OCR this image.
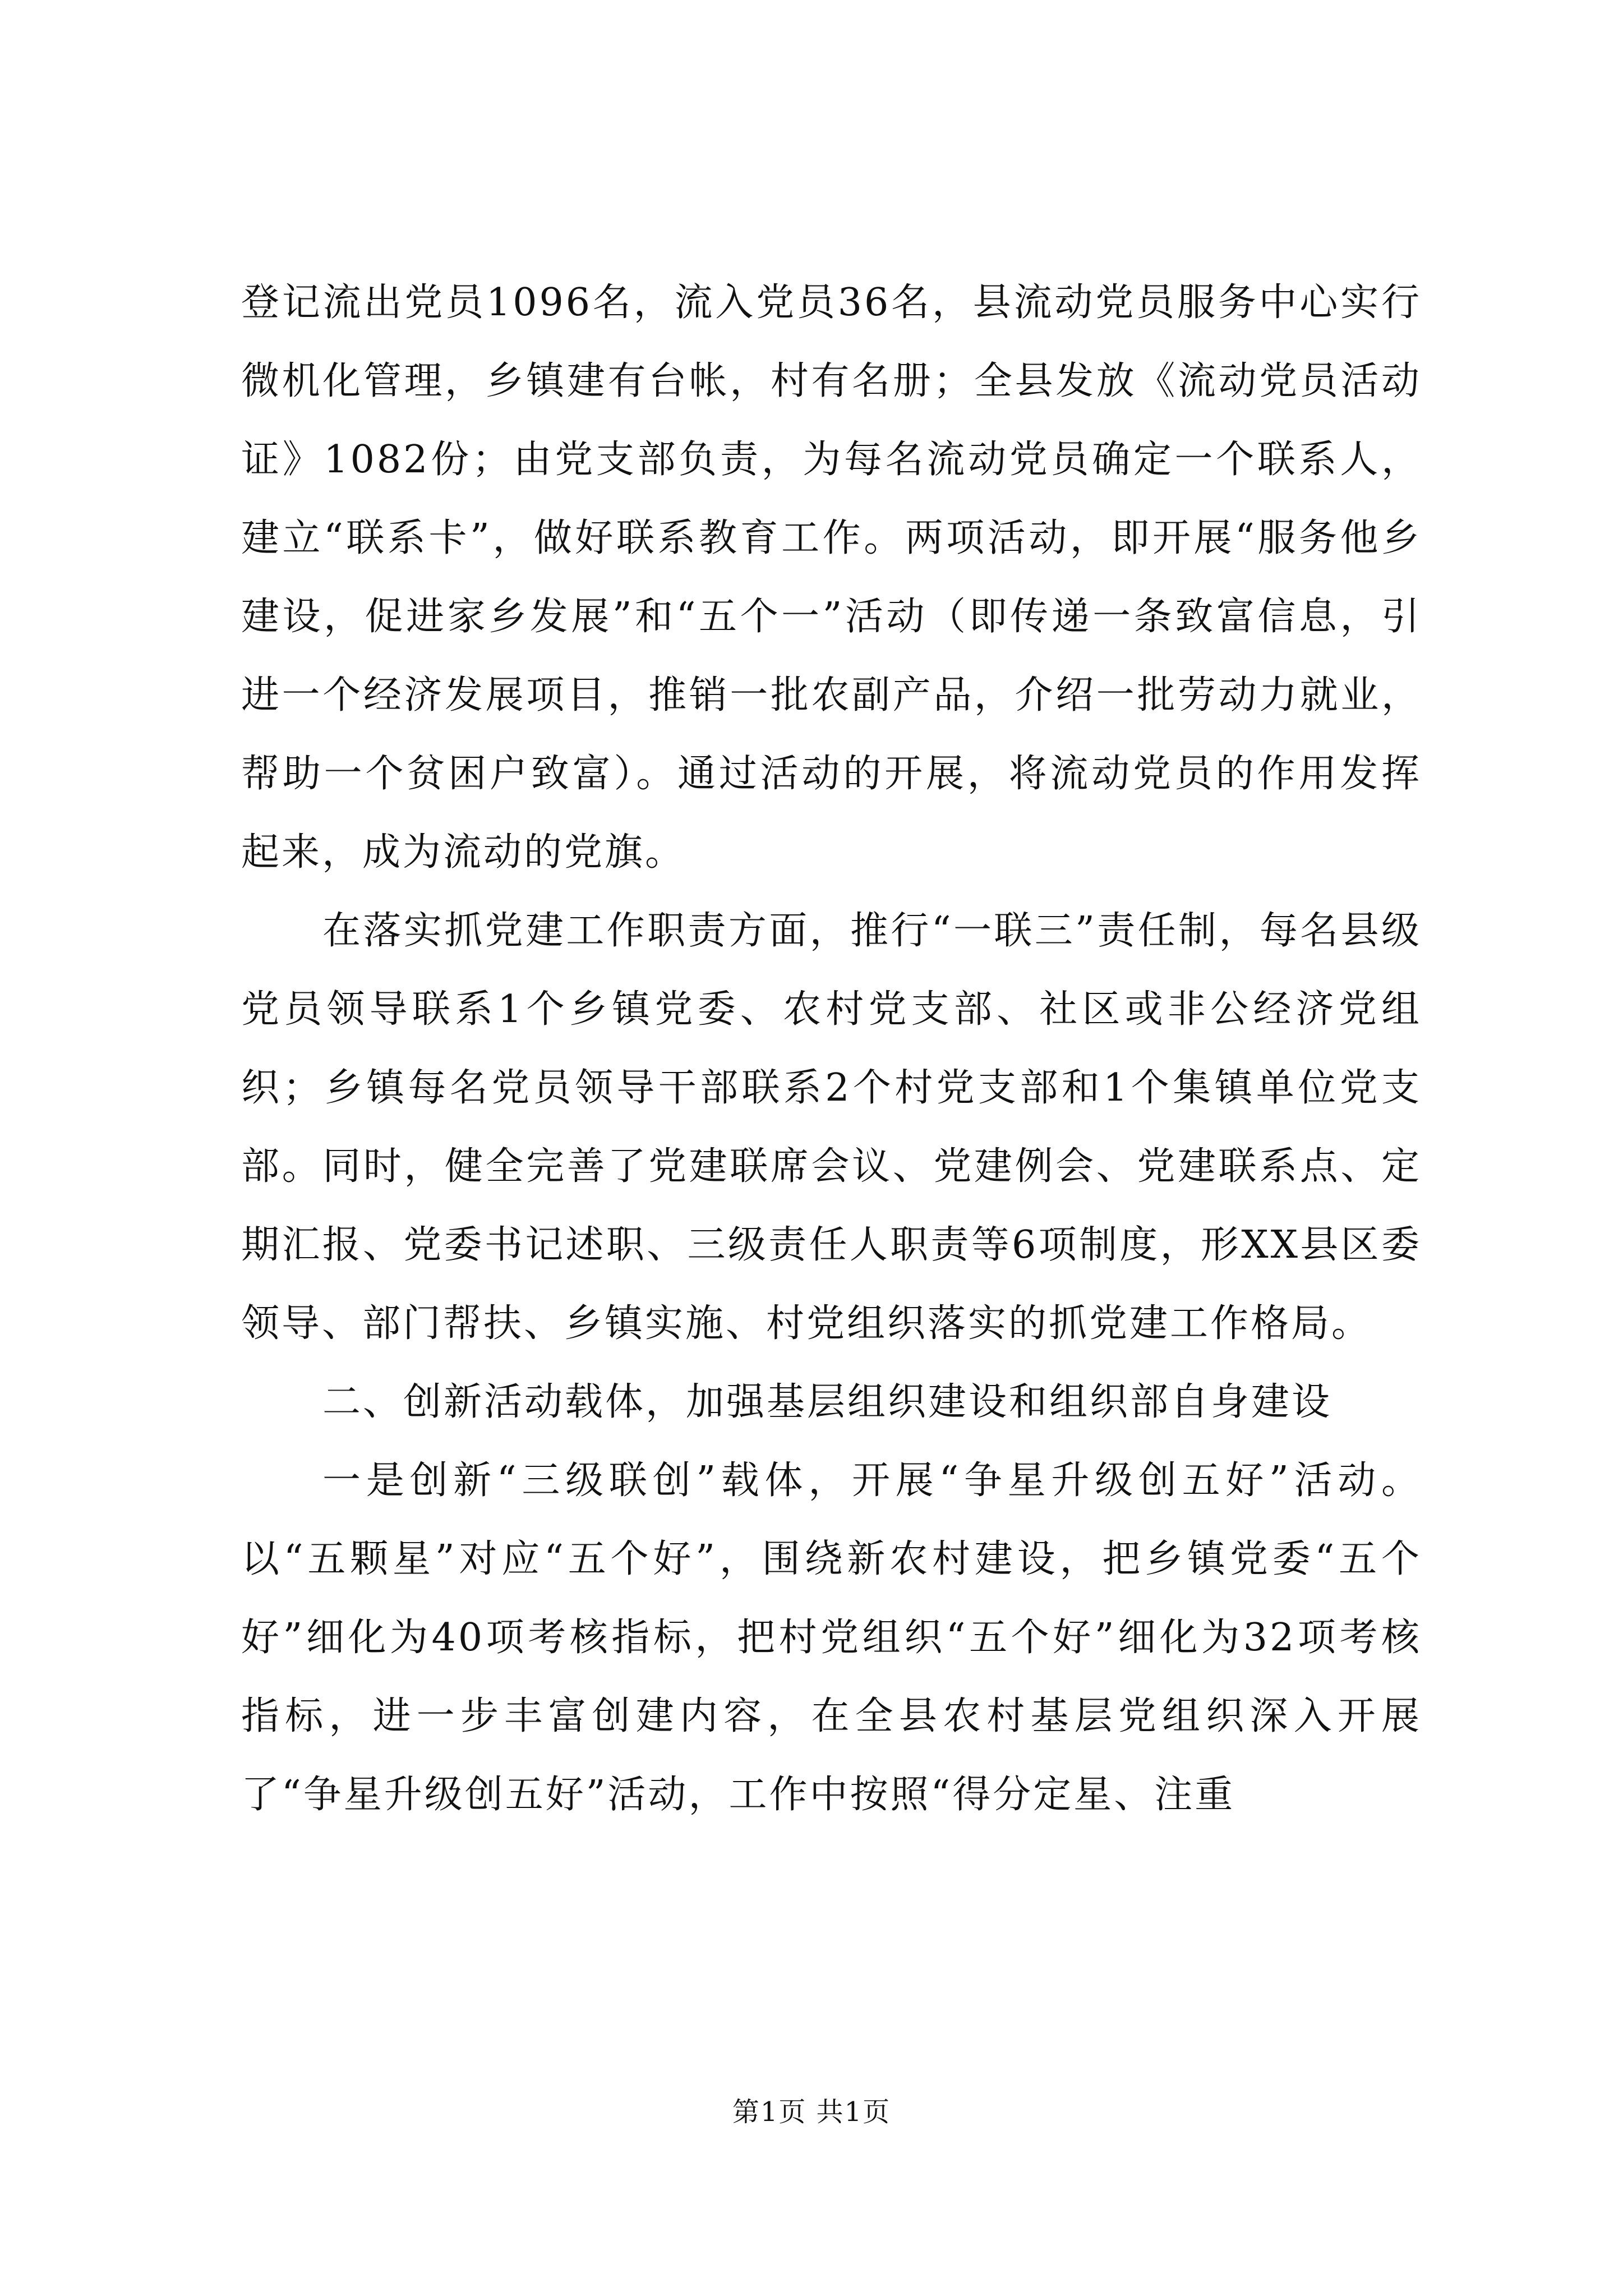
登记流出党员1096名，流入党员36名，县流动党员服务中心实行微机化管理，乡镇建有台帐，村有名册；全县发放《流动党员活动证》1082份；由党支部负责，为每名流动党员确定一个联系人，建立“联系卡”，做好联系教育工作。两项活动，即开展“服务他乡建设，促进家乡发展”和“五个一”活动（即传递一条致富信息，引进一个经济发展项目，推销一批农副产品，介绍一批劳动力就业，帮助一个贫困户致富）。通过活动的开展，将流动党员的作用发挥起来，成为流动的党旗。

在落实抓党建工作职责方面，推行“一联三”责任制，每名县级党员领导联系1个乡镇党委、农村党支部、社区或非公经济党组织；乡镇每名党员领导干部联系2个村党支部和1个集镇单位党支部。同时，健全完善了党建联席会议、党建例会、党建联系点、定期汇报、党委书记述职、三级责任人职责等6项制度，形XX县区委领导、部门帮扶、乡镇实施、村党组织落实的抓党建工作格局。

二、创新活动载体，加强基层组织建设和组织部自身建设

一是创新“三级联创”载体，开展“争星升级创五好”活动。以“五颗星”对应“五个好”，围绕新农村建设，把乡镇党委“五个好”细化为40项考核指标，把村党组织“五个好”细化为32项考核指标，进一步丰富创建内容，在全县农村基层党组织深入开展了“争星升级创五好”活动，工作中按照“得分定星、注重

第1页 共1页
